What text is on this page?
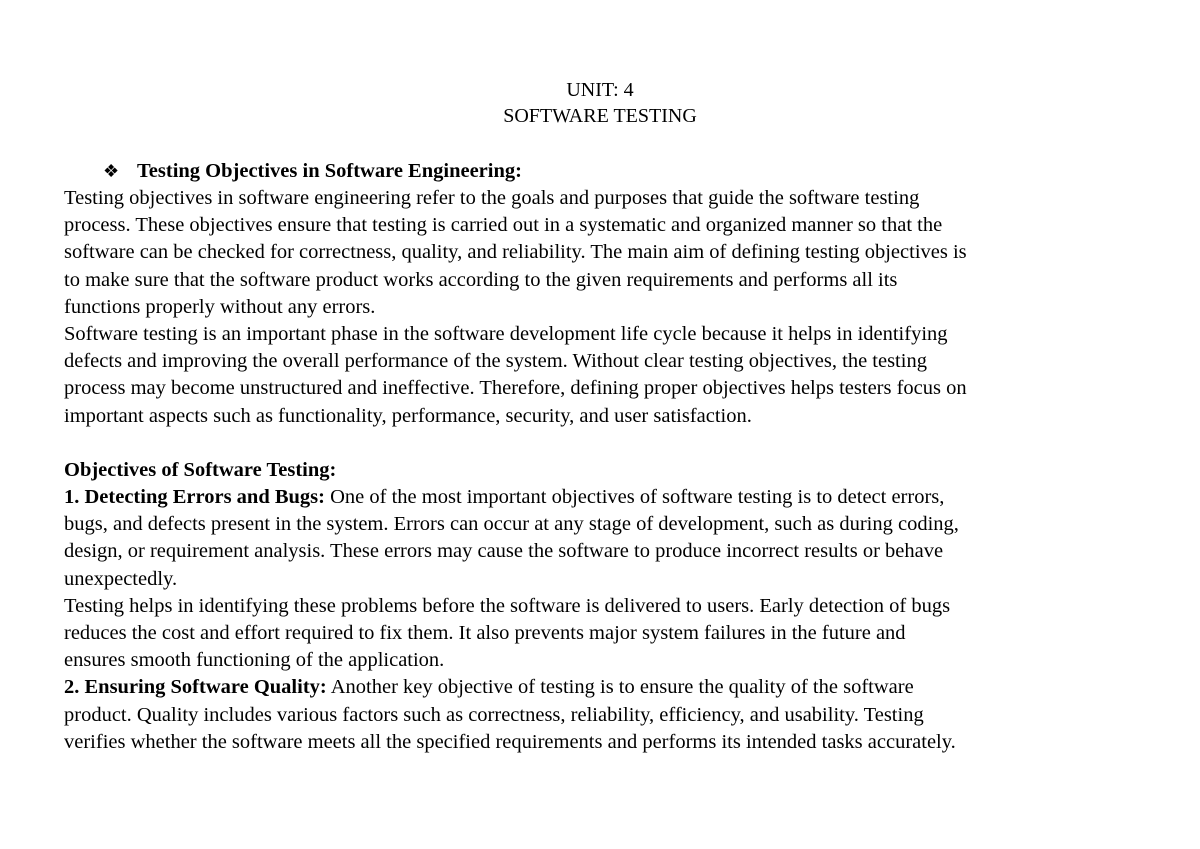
UNIT: 4
SOFTWARE TESTING
❖ Testing Objectives in Software Engineering:
Testing objectives in software engineering refer to the goals and purposes that guide the software testing
process. These objectives ensure that testing is carried out in a systematic and organized manner so that the
software can be checked for correctness, quality, and reliability. The main aim of defining testing objectives is
to make sure that the software product works according to the given requirements and performs all its
functions properly without any errors.
Software testing is an important phase in the software development life cycle because it helps in identifying
defects and improving the overall performance of the system. Without clear testing objectives, the testing
process may become unstructured and ineffective. Therefore, defining proper objectives helps testers focus on
important aspects such as functionality, performance, security, and user satisfaction.
Objectives of Software Testing:
1. Detecting Errors and Bugs: One of the most important objectives of software testing is to detect errors,
bugs, and defects present in the system. Errors can occur at any stage of development, such as during coding,
design, or requirement analysis. These errors may cause the software to produce incorrect results or behave
unexpectedly.
Testing helps in identifying these problems before the software is delivered to users. Early detection of bugs
reduces the cost and effort required to fix them. It also prevents major system failures in the future and
ensures smooth functioning of the application.
2. Ensuring Software Quality: Another key objective of testing is to ensure the quality of the software
product. Quality includes various factors such as correctness, reliability, efficiency, and usability. Testing
verifies whether the software meets all the specified requirements and performs its intended tasks accurately.
